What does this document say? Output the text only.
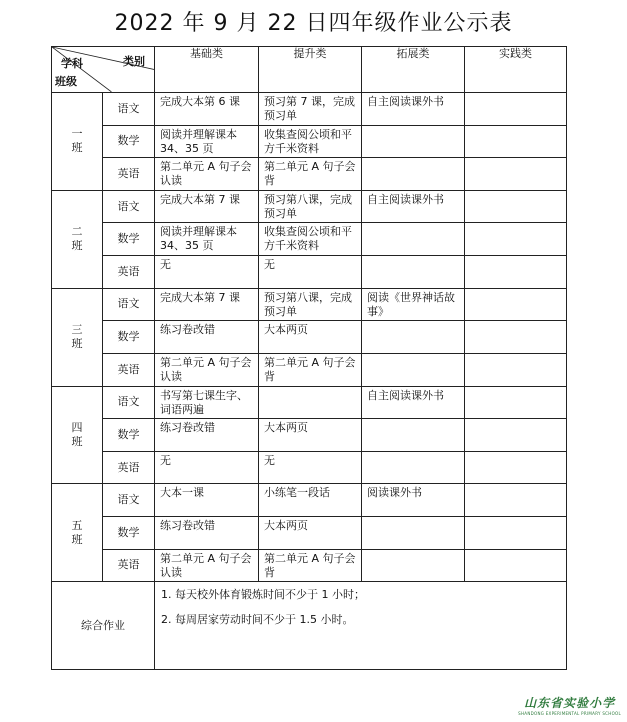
2022 年 9 月 22 日四年级作业公示表
学科 类别
班级		基础类	提升类	拓展类	实践类
一
班	语文	完成大本第 6 课	预习第 7 课，完成预习单	自主阅读课外书	
	数学	阅读并理解课本 34、35 页	收集查阅公顷和平方千米资料		
	英语	第二单元 A 句子会认读	第二单元 A 句子会背		
二
班	语文	完成大本第 7 课	预习第八课，完成预习单	自主阅读课外书	
	数学	阅读并理解课本 34、35 页	收集查阅公顷和平方千米资料		
	英语	无	无		
三
班	语文	完成大本第 7 课	预习第八课，完成预习单	阅读《世界神话故事》	
	数学	练习卷改错	大本两页		
	英语	第二单元 A 句子会认读	第二单元 A 句子会背		
四
班	语文	书写第七课生字、词语两遍		自主阅读课外书	
	数学	练习卷改错	大本两页		
	英语	无	无		
五
班	语文	大本一课	小练笔一段话	阅读课外书	
	数学	练习卷改错	大本两页		
	英语	第二单元 A 句子会认读	第二单元 A 句子会背		
综合作业		1. 每天校外体育锻炼时间不少于 1 小时；

2. 每周居家劳动时间不少于 1.5 小时。			

山东省实验小学
SHANDONG EXPERIMENTAL PRIMARY SCHOOL
